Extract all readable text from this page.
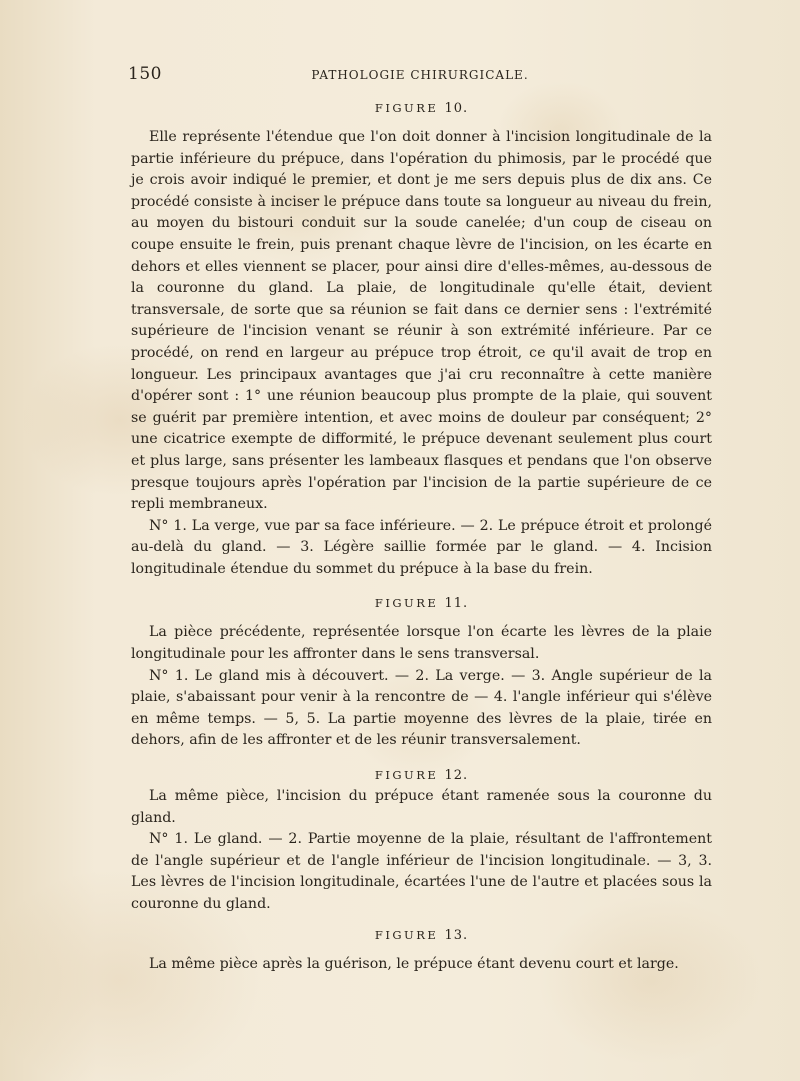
150	PATHOLOGIE CHIRURGICALE.
FIGURE 10.

Elle représente l'étendue que l'on doit donner à l'incision longitudinale de la partie inférieure du prépuce, dans l'opération du phimosis, par le procédé que je crois avoir indiqué le premier, et dont je me sers depuis plus de dix ans. Ce procédé consiste à inciser le prépuce dans toute sa longueur au niveau du frein, au moyen du bistouri conduit sur la soude canelée; d'un coup de ciseau on coupe ensuite le frein, puis prenant chaque lèvre de l'incision, on les écarte en dehors et elles viennent se placer, pour ainsi dire d'elles-mêmes, au-dessous de la couronne du gland. La plaie, de longitudinale qu'elle était, devient transversale, de sorte que sa réunion se fait dans ce dernier sens : l'extrémité supérieure de l'incision venant se réunir à son extrémité inférieure. Par ce procédé, on rend en largeur au prépuce trop étroit, ce qu'il avait de trop en longueur. Les principaux avantages que j'ai cru reconnaître à cette manière d'opérer sont : 1° une réunion beaucoup plus prompte de la plaie, qui souvent se guérit par première intention, et avec moins de douleur par conséquent; 2° une cicatrice exempte de difformité, le prépuce devenant seulement plus court et plus large, sans présenter les lambeaux flasques et pendans que l'on observe presque toujours après l'opération par l'incision de la partie supérieure de ce repli membraneux.

N° 1. La verge, vue par sa face inférieure. — 2. Le prépuce étroit et prolongé au-delà du gland. — 3. Légère saillie formée par le gland. — 4. Incision longitudinale étendue du sommet du prépuce à la base du frein.

FIGURE 11.

La pièce précédente, représentée lorsque l'on écarte les lèvres de la plaie longitudinale pour les affronter dans le sens transversal.

N° 1. Le gland mis à découvert. — 2. La verge. — 3. Angle supérieur de la plaie, s'abaissant pour venir à la rencontre de — 4. l'angle inférieur qui s'élève en même temps. — 5, 5. La partie moyenne des lèvres de la plaie, tirée en dehors, afin de les affronter et de les réunir transversalement.

FIGURE 12.

La même pièce, l'incision du prépuce étant ramenée sous la couronne du gland.

N° 1. Le gland. — 2. Partie moyenne de la plaie, résultant de l'affrontement de l'angle supérieur et de l'angle inférieur de l'incision longitudinale. — 3, 3. Les lèvres de l'incision longitudinale, écartées l'une de l'autre et placées sous la couronne du gland.

FIGURE 13.

La même pièce après la guérison, le prépuce étant devenu court et large.
